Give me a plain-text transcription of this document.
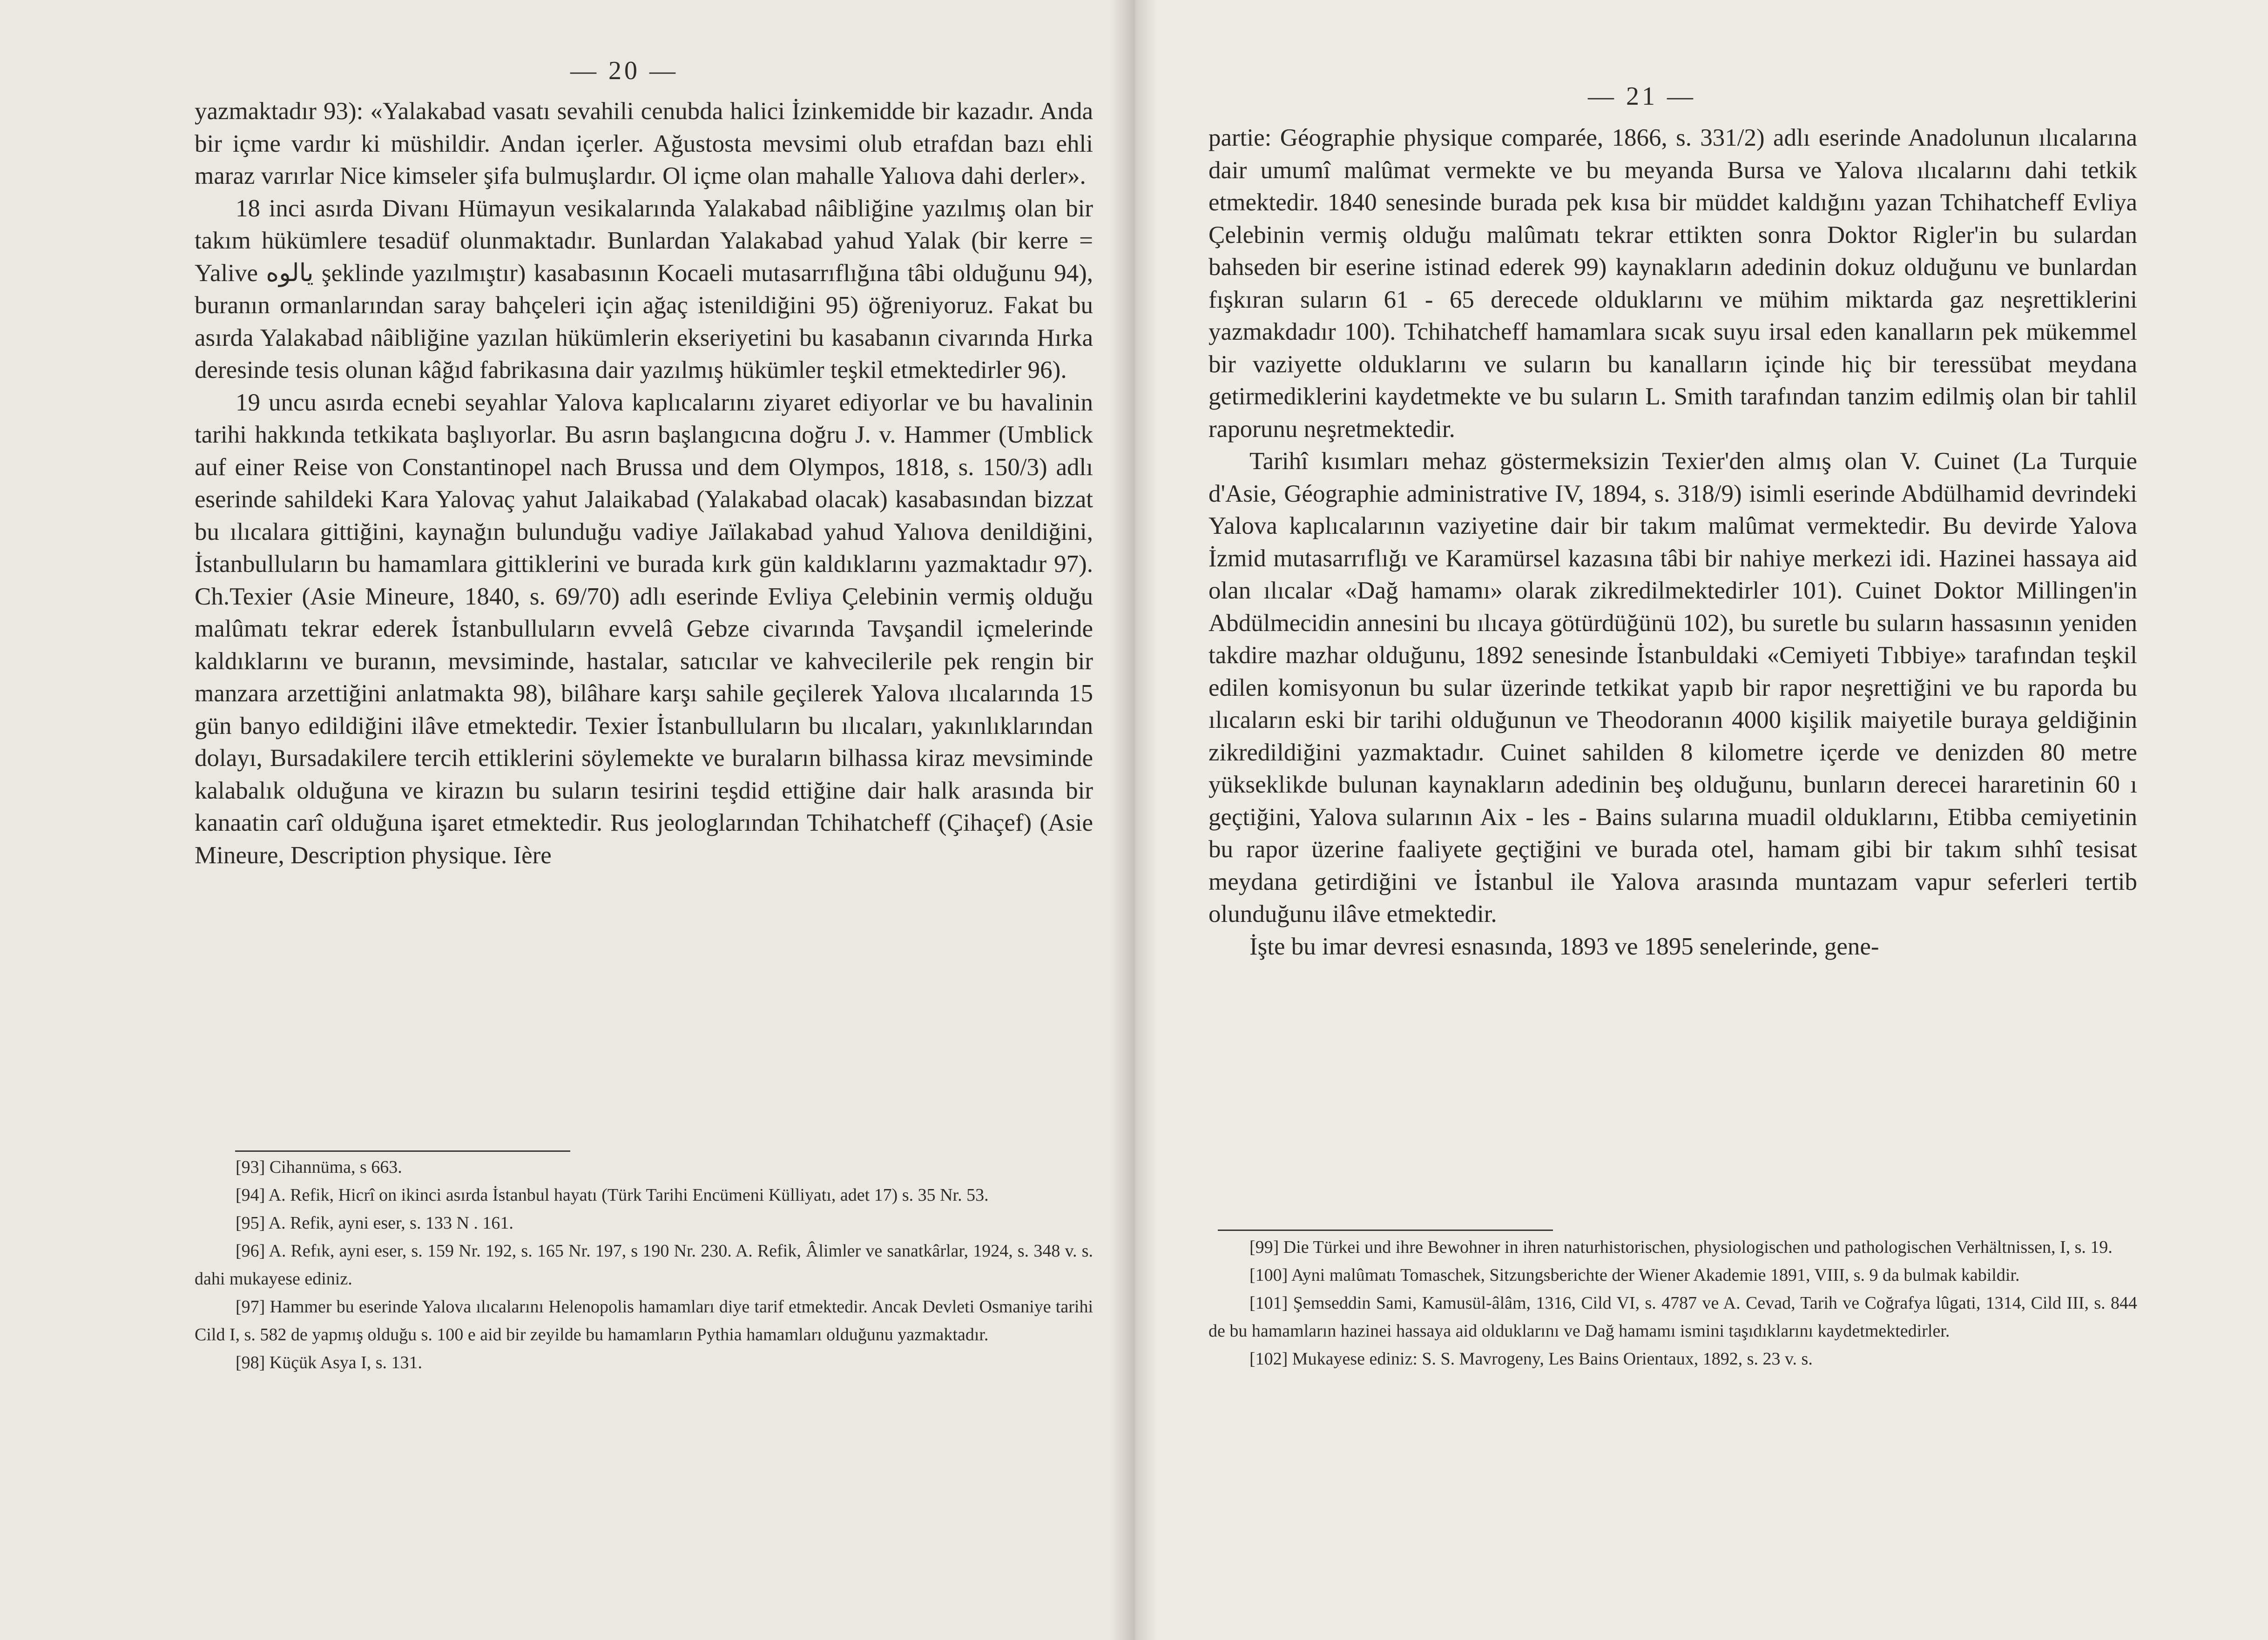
— 20 —

yazmaktadır 93): «Yalakabad vasatı sevahili cenubda halici İzinkemidde bir kazadır. Anda bir içme vardır ki müshildir. Andan içerler. Ağustosta mevsimi olub etrafdan bazı ehli maraz varırlar Nice kimseler şifa bulmuşlardır. Ol içme olan mahalle Yalıova dahi derler».

18 inci asırda Divanı Hümayun vesikalarında Yalakabad nâibliğine yazılmış olan bir takım hükümlere tesadüf olunmaktadır. Bunlardan Yalakabad yahud Yalak (bir kerre = Yalive يالوه şeklinde yazılmıştır) kasabasının Kocaeli mutasarrıflığına tâbi olduğunu 94), buranın ormanlarından saray bahçeleri için ağaç istenildiğini 95) öğreniyoruz. Fakat bu asırda Yalakabad nâibliğine yazılan hükümlerin ekseriyetini bu kasabanın civarında Hırka deresinde tesis olunan kâğıd fabrikasına dair yazılmış hükümler teşkil etmektedirler 96).

19 uncu asırda ecnebi seyahlar Yalova kaplıcalarını ziyaret ediyorlar ve bu havalinin tarihi hakkında tetkikata başlıyorlar. Bu asrın başlangıcına doğru J. v. Hammer (Umblick auf einer Reise von Constantinopel nach Brussa und dem Olympos, 1818, s. 150/3) adlı eserinde sahildeki Kara Yalovaç yahut Jalaikabad (Yalakabad olacak) kasabasından bizzat bu ılıcalara gittiğini, kaynağın bulunduğu vadiye Jaïlakabad yahud Yalıova denildiğini, İstanbulluların bu hamamlara gittiklerini ve burada kırk gün kaldıklarını yazmaktadır 97). Ch.Texier (Asie Mineure, 1840, s. 69/70) adlı eserinde Evliya Çelebinin vermiş olduğu malûmatı tekrar ederek İstanbulluların evvelâ Gebze civarında Tavşandil içmelerinde kaldıklarını ve buranın, mevsiminde, hastalar, satıcılar ve kahvecilerile pek rengin bir manzara arzettiğini anlatmakta 98), bilâhare karşı sahile geçilerek Yalova ılıcalarında 15 gün banyo edildiğini ilâve etmektedir. Texier İstanbulluların bu ılıcaları, yakınlıklarından dolayı, Bursadakilere tercih ettiklerini söylemekte ve buraların bilhassa kiraz mevsiminde kalabalık olduğuna ve kirazın bu suların tesirini teşdid ettiğine dair halk arasında bir kanaatin carî olduğuna işaret etmektedir. Rus jeologlarından Tchihatcheff (Çihaçef) (Asie Mineure, Description physique. Ière

[93] Cihannüma, s 663.

[94] A. Refik, Hicrî on ikinci asırda İstanbul hayatı (Türk Tarihi Encümeni Külliyatı, adet 17) s. 35 Nr. 53.

[95] A. Refik, ayni eser, s. 133 N . 161.

[96] A. Refık, ayni eser, s. 159 Nr. 192, s. 165 Nr. 197, s 190 Nr. 230. A. Refik, Âlimler ve sanatkârlar, 1924, s. 348 v. s. dahi mukayese ediniz.

[97] Hammer bu eserinde Yalova ılıcalarını Helenopolis hamamları diye tarif etmektedir. Ancak Devleti Osmaniye tarihi Cild I, s. 582 de yapmış olduğu s. 100 e aid bir zeyilde bu hamamların Pythia hamamları olduğunu yazmaktadır.

[98] Küçük Asya I, s. 131.

— 21 —

partie: Géographie physique comparée, 1866, s. 331/2) adlı eserinde Anadolunun ılıcalarına dair umumî malûmat vermekte ve bu meyanda Bursa ve Yalova ılıcalarını dahi tetkik etmektedir. 1840 senesinde burada pek kısa bir müddet kaldığını yazan Tchihatcheff Evliya Çelebinin vermiş olduğu malûmatı tekrar ettikten sonra Doktor Rigler'in bu sulardan bahseden bir eserine istinad ederek 99) kaynakların adedinin dokuz olduğunu ve bunlardan fışkıran suların 61 - 65 derecede olduklarını ve mühim miktarda gaz neşrettiklerini yazmakdadır 100). Tchihatcheff hamamlara sıcak suyu irsal eden kanalların pek mükemmel bir vaziyette olduklarını ve suların bu kanalların içinde hiç bir teressübat meydana getirmediklerini kaydetmekte ve bu suların L. Smith tarafından tanzim edilmiş olan bir tahlil raporunu neşretmektedir.

Tarihî kısımları mehaz göstermeksizin Texier'den almış olan V. Cuinet (La Turquie d'Asie, Géographie administrative IV, 1894, s. 318/9) isimli eserinde Abdülhamid devrindeki Yalova kaplıcalarının vaziyetine dair bir takım malûmat vermektedir. Bu devirde Yalova İzmid mutasarrıflığı ve Karamürsel kazasına tâbi bir nahiye merkezi idi. Hazinei hassaya aid olan ılıcalar «Dağ hamamı» olarak zikredilmektedirler 101). Cuinet Doktor Millingen'in Abdülmecidin annesini bu ılıcaya götürdüğünü 102), bu suretle bu suların hassasının yeniden takdire mazhar olduğunu, 1892 senesinde İstanbuldaki «Cemiyeti Tıbbiye» tarafından teşkil edilen komisyonun bu sular üzerinde tetkikat yapıb bir rapor neşrettiğini ve bu raporda bu ılıcaların eski bir tarihi olduğunun ve Theodoranın 4000 kişilik maiyetile buraya geldiğinin zikredildiğini yazmaktadır. Cuinet sahilden 8 kilometre içerde ve denizden 80 metre yükseklikde bulunan kaynakların adedinin beş olduğunu, bunların derecei hararetinin 60 ı geçtiğini, Yalova sularının Aix - les - Bains sularına muadil olduklarını, Etibba cemiyetinin bu rapor üzerine faaliyete geçtiğini ve burada otel, hamam gibi bir takım sıhhî tesisat meydana getirdiğini ve İstanbul ile Yalova arasında muntazam vapur seferleri tertib olunduğunu ilâve etmektedir.

İşte bu imar devresi esnasında, 1893 ve 1895 senelerinde, gene-

[99] Die Türkei und ihre Bewohner in ihren naturhistorischen, physiologischen und pathologischen Verhältnissen, I, s. 19.

[100] Ayni malûmatı Tomaschek, Sitzungsberichte der Wiener Akademie 1891, VIII, s. 9 da bulmak kabildir.

[101] Şemseddin Sami, Kamusül-âlâm, 1316, Cild VI, s. 4787 ve A. Cevad, Tarih ve Coğrafya lûgati, 1314, Cild III, s. 844 de bu hamamların hazinei hassaya aid olduklarını ve Dağ hamamı ismini taşıdıklarını kaydetmektedirler.

[102] Mukayese ediniz: S. S. Mavrogeny, Les Bains Orientaux, 1892, s. 23 v. s.
